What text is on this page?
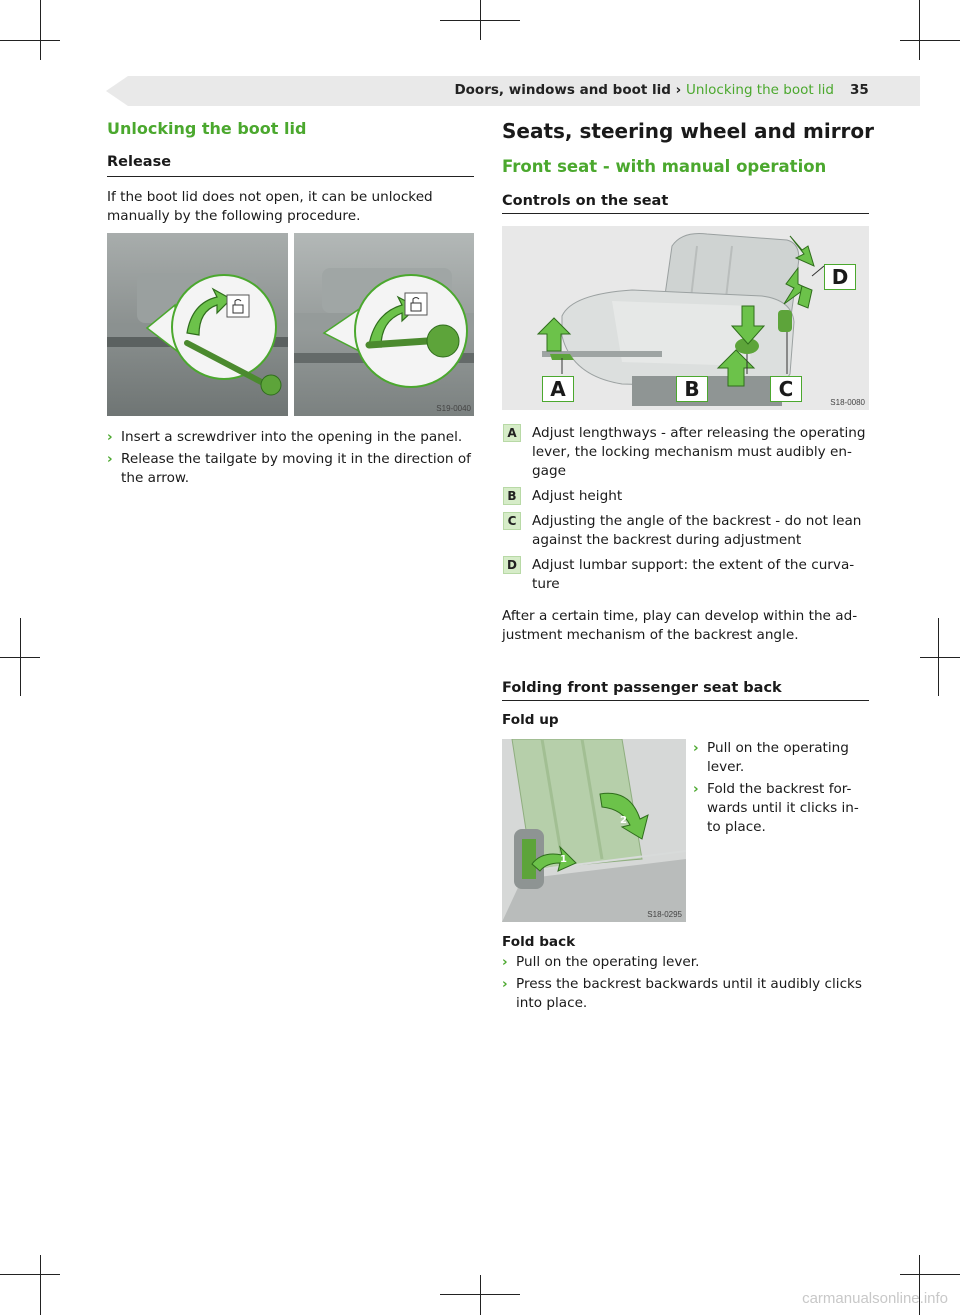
Doors, windows and boot lid › Unlocking the boot lid 35
Unlocking the boot lid
Release
If the boot lid does not open, it can be unlocked manually by the following procedure.
S19-0040
› Insert a screwdriver into the opening in the panel.
› Release the tailgate by moving it in the direction of the arrow.
Seats, steering wheel and mirror
Front seat - with manual operation
Controls on the seat
A	B	C
D
S18-0080
A	Adjust lengthways - after releasing the operating lever, the locking mechanism must audibly en-gage
B	Adjust height
C	Adjusting the angle of the backrest - do not lean against the backrest during adjustment
D Adjust lumbar support: the extent of the curva-ture
After a certain time, play can develop within the ad-justment mechanism of the backrest angle.
Folding front passenger seat back
Fold up
1
2
S18-0295
› Pull on the operating lever.
› Fold the backrest for-wards until it clicks in-to place.
Fold back
› Pull on the operating lever.
› Press the backrest backwards until it audibly clicks into place.
carmanualsonline.info
